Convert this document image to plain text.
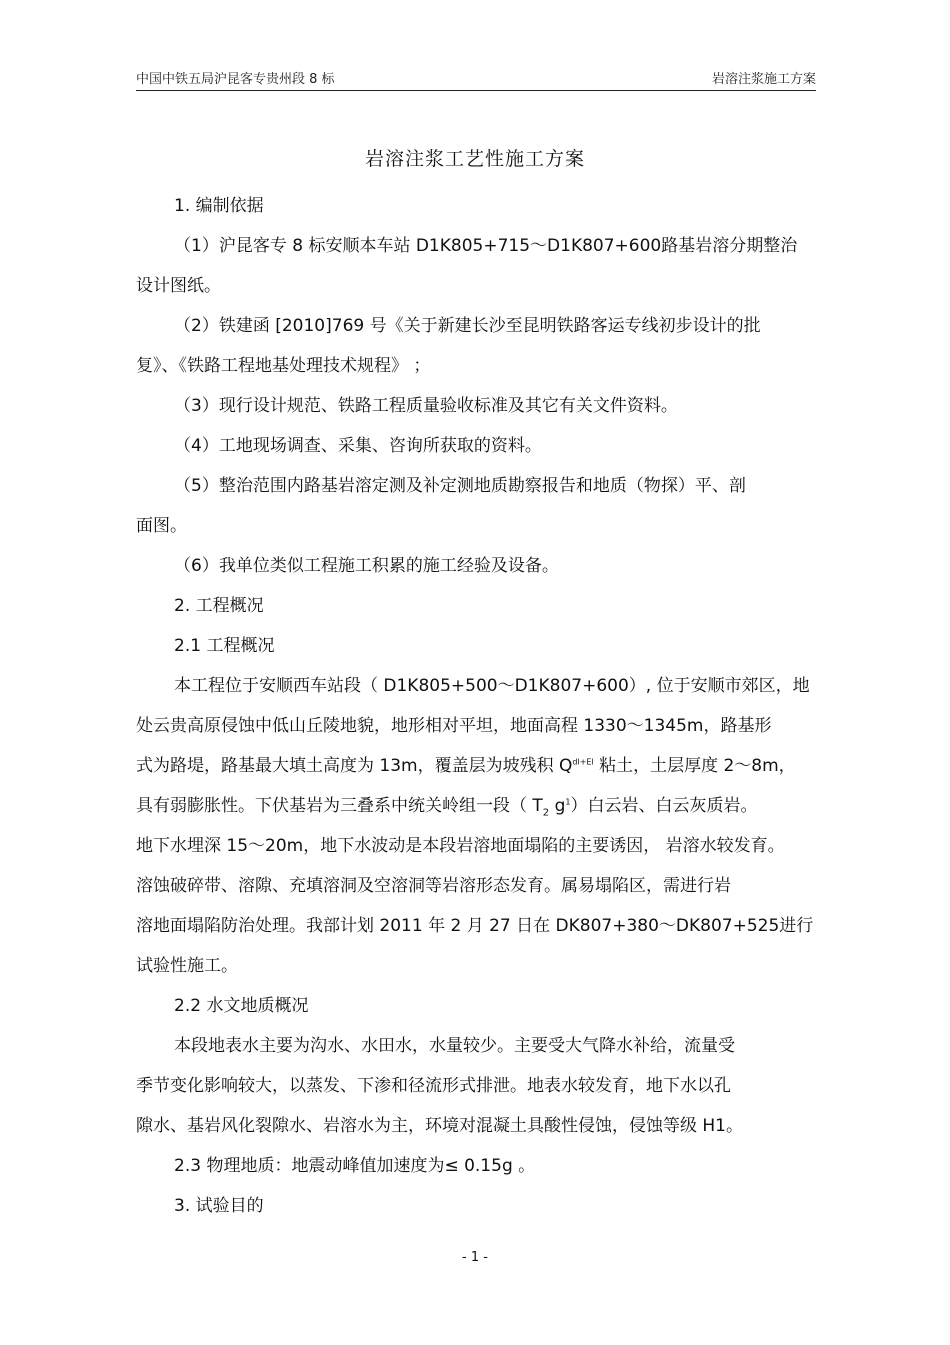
中国中铁五局沪昆客专贵州段 8 标	岩溶注浆施工方案
岩溶注浆工艺性施工方案
1. 编制依据
（1）沪昆客专 8 标安顺本车站 D1K805+715～D1K807+600路基岩溶分期整治
设计图纸。
（2）铁建函 [2010]769 号《关于新建长沙至昆明铁路客运专线初步设计的批
复》、《铁路工程地基处理技术规程》 ；
（3）现行设计规范、铁路工程质量验收标准及其它有关文件资料。
（4）工地现场调查、采集、咨询所获取的资料。
（5）整治范围内路基岩溶定测及补定测地质勘察报告和地质（物探）平、剖
面图。
（6）我单位类似工程施工积累的施工经验及设备。
2. 工程概况
2.1 工程概况
本工程位于安顺西车站段（ D1K805+500～D1K807+600）, 位于安顺市郊区，地
处云贵高原侵蚀中低山丘陵地貌，地形相对平坦，地面高程 1330～1345m，路基形
式为路堤，路基最大填土高度为 13m，覆盖层为坡残积 $Q^{dl+El}$ 粘土，土层厚度 2～8m，
具有弱膨胀性。下伏基岩为三叠系中统关岭组一段（ $T_2$ $g^1$）白云岩、白云灰质岩。
地下水埋深 15～20m，地下水波动是本段岩溶地面塌陷的主要诱因， 岩溶水较发育。
溶蚀破碎带、溶隙、充填溶洞及空溶洞等岩溶形态发育。属易塌陷区，需进行岩
溶地面塌陷防治处理。我部计划 2011 年 2 月 27 日在 DK807+380～DK807+525进行
试验性施工。
2.2 水文地质概况
本段地表水主要为沟水、水田水，水量较少。主要受大气降水补给，流量受
季节变化影响较大，以蒸发、下渗和径流形式排泄。地表水较发育，地下水以孔
隙水、基岩风化裂隙水、岩溶水为主，环境对混凝土具酸性侵蚀，侵蚀等级 H1。
2.3 物理地质：地震动峰值加速度为≤ 0.15g 。
3. 试验目的
- 1 -
